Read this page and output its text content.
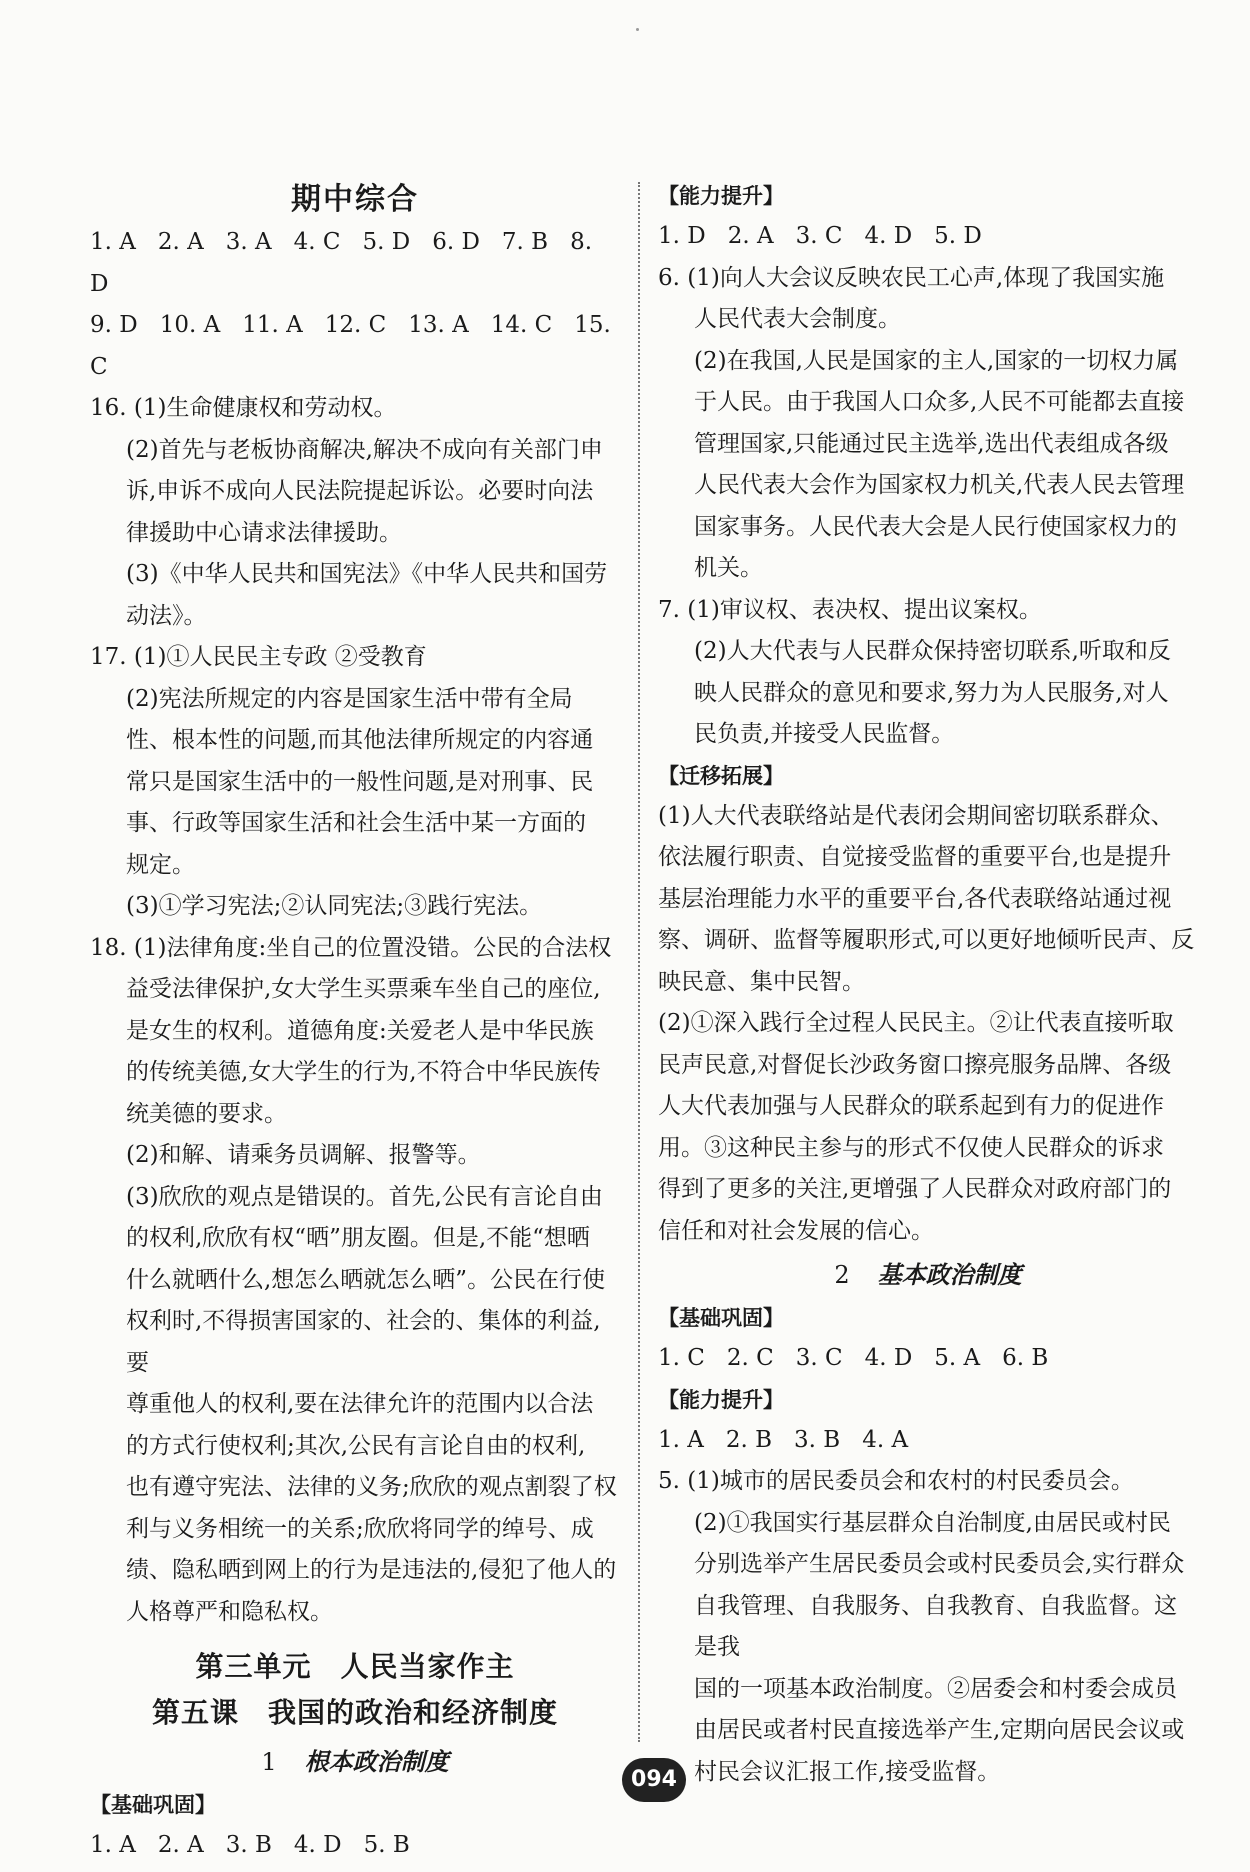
期中综合
1. A 2. A 3. A 4. C 5. D 6. D 7. B 8. D
9. D 10. A 11. A 12. C 13. A 14. C 15. C
16. (1)生命健康权和劳动权。
(2)首先与老板协商解决,解决不成向有关部门申
诉,申诉不成向人民法院提起诉讼。必要时向法
律援助中心请求法律援助。
(3)《中华人民共和国宪法》《中华人民共和国劳
动法》。
17. (1)①人民民主专政 ②受教育
(2)宪法所规定的内容是国家生活中带有全局
性、根本性的问题,而其他法律所规定的内容通
常只是国家生活中的一般性问题,是对刑事、民
事、行政等国家生活和社会生活中某一方面的
规定。
(3)①学习宪法;②认同宪法;③践行宪法。
18. (1)法律角度:坐自己的位置没错。公民的合法权
益受法律保护,女大学生买票乘车坐自己的座位,
是女生的权利。道德角度:关爱老人是中华民族
的传统美德,女大学生的行为,不符合中华民族传
统美德的要求。
(2)和解、请乘务员调解、报警等。
(3)欣欣的观点是错误的。首先,公民有言论自由
的权利,欣欣有权“晒”朋友圈。但是,不能“想晒
什么就晒什么,想怎么晒就怎么晒”。公民在行使
权利时,不得损害国家的、社会的、集体的利益,要
尊重他人的权利,要在法律允许的范围内以合法
的方式行使权利;其次,公民有言论自由的权利,
也有遵守宪法、法律的义务;欣欣的观点割裂了权
利与义务相统一的关系;欣欣将同学的绰号、成
绩、隐私晒到网上的行为是违法的,侵犯了他人的
人格尊严和隐私权。
第三单元　人民当家作主
第五课　我国的政治和经济制度
1 根本政治制度
【基础巩固】
1. A 2. A 3. B 4. D 5. B
【能力提升】
1. D 2. A 3. C 4. D 5. D
6. (1)向人大会议反映农民工心声,体现了我国实施
人民代表大会制度。
(2)在我国,人民是国家的主人,国家的一切权力属
于人民。由于我国人口众多,人民不可能都去直接
管理国家,只能通过民主选举,选出代表组成各级
人民代表大会作为国家权力机关,代表人民去管理
国家事务。人民代表大会是人民行使国家权力的
机关。
7. (1)审议权、表决权、提出议案权。
(2)人大代表与人民群众保持密切联系,听取和反
映人民群众的意见和要求,努力为人民服务,对人
民负责,并接受人民监督。
【迁移拓展】
(1)人大代表联络站是代表闭会期间密切联系群众、
依法履行职责、自觉接受监督的重要平台,也是提升
基层治理能力水平的重要平台,各代表联络站通过视
察、调研、监督等履职形式,可以更好地倾听民声、反
映民意、集中民智。
(2)①深入践行全过程人民民主。②让代表直接听取
民声民意,对督促长沙政务窗口擦亮服务品牌、各级
人大代表加强与人民群众的联系起到有力的促进作
用。③这种民主参与的形式不仅使人民群众的诉求
得到了更多的关注,更增强了人民群众对政府部门的
信任和对社会发展的信心。
2 基本政治制度
【基础巩固】
1. C 2. C 3. C 4. D 5. A 6. B
【能力提升】
1. A 2. B 3. B 4. A
5. (1)城市的居民委员会和农村的村民委员会。
(2)①我国实行基层群众自治制度,由居民或村民
分别选举产生居民委员会或村民委员会,实行群众
自我管理、自我服务、自我教育、自我监督。这是我
国的一项基本政治制度。②居委会和村委会成员
由居民或者村民直接选举产生,定期向居民会议或
村民会议汇报工作,接受监督。
094
